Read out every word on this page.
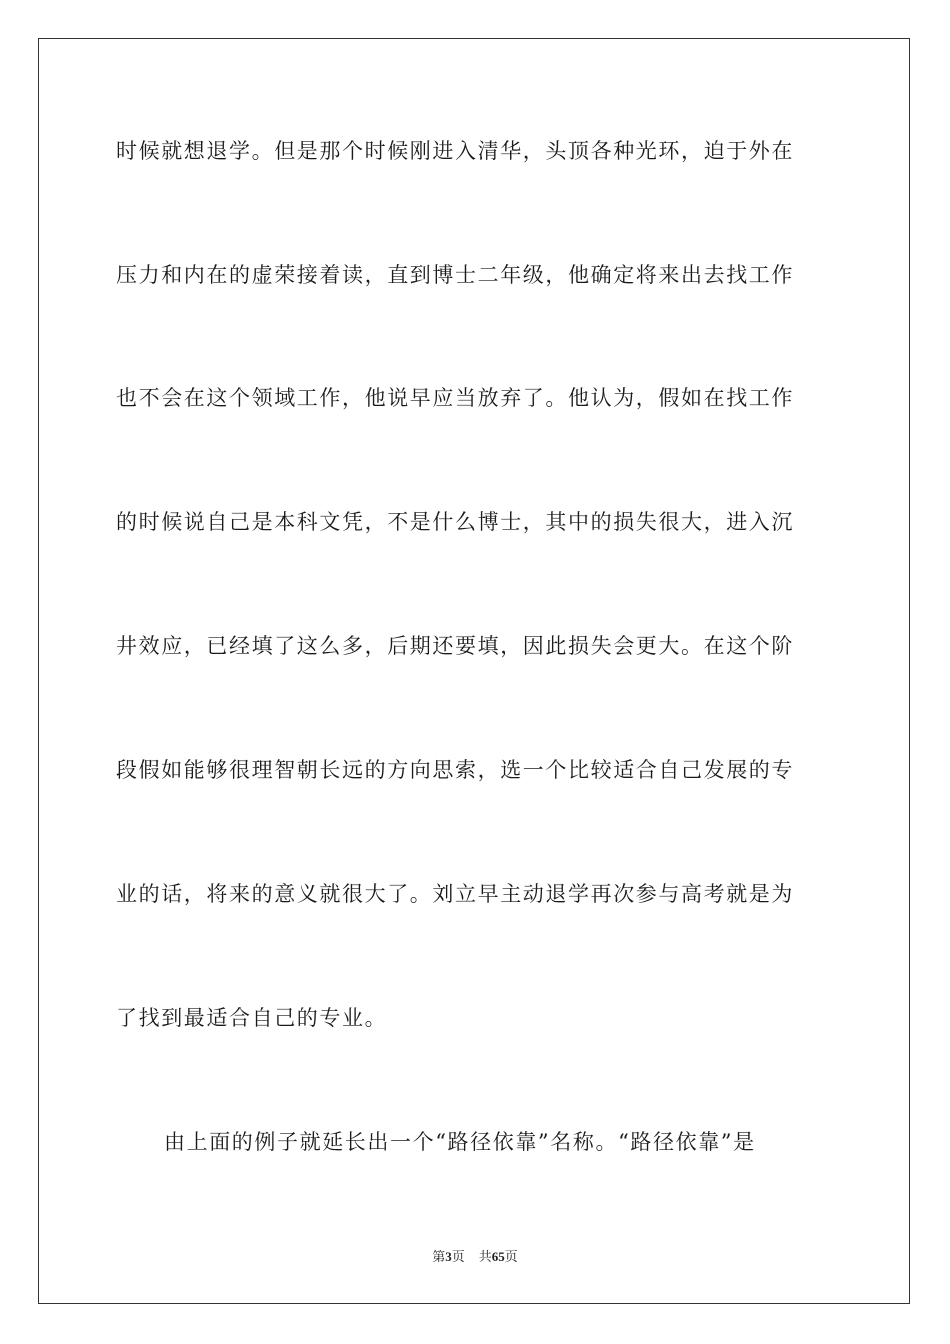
时候就想退学。但是那个时候刚进入清华，头顶各种光环，迫于外在
压力和内在的虚荣接着读，直到博士二年级，他确定将来出去找工作
也不会在这个领域工作，他说早应当放弃了。他认为，假如在找工作
的时候说自己是本科文凭，不是什么博士，其中的损失很大，进入沉
井效应，已经填了这么多，后期还要填，因此损失会更大。在这个阶
段假如能够很理智朝长远的方向思索，选一个比较适合自己发展的专
业的话，将来的意义就很大了。刘立早主动退学再次参与高考就是为
了找到最适合自己的专业。
由上面的例子就延长出一个“路径依靠”名称。“路径依靠”是
第3页 共65页
